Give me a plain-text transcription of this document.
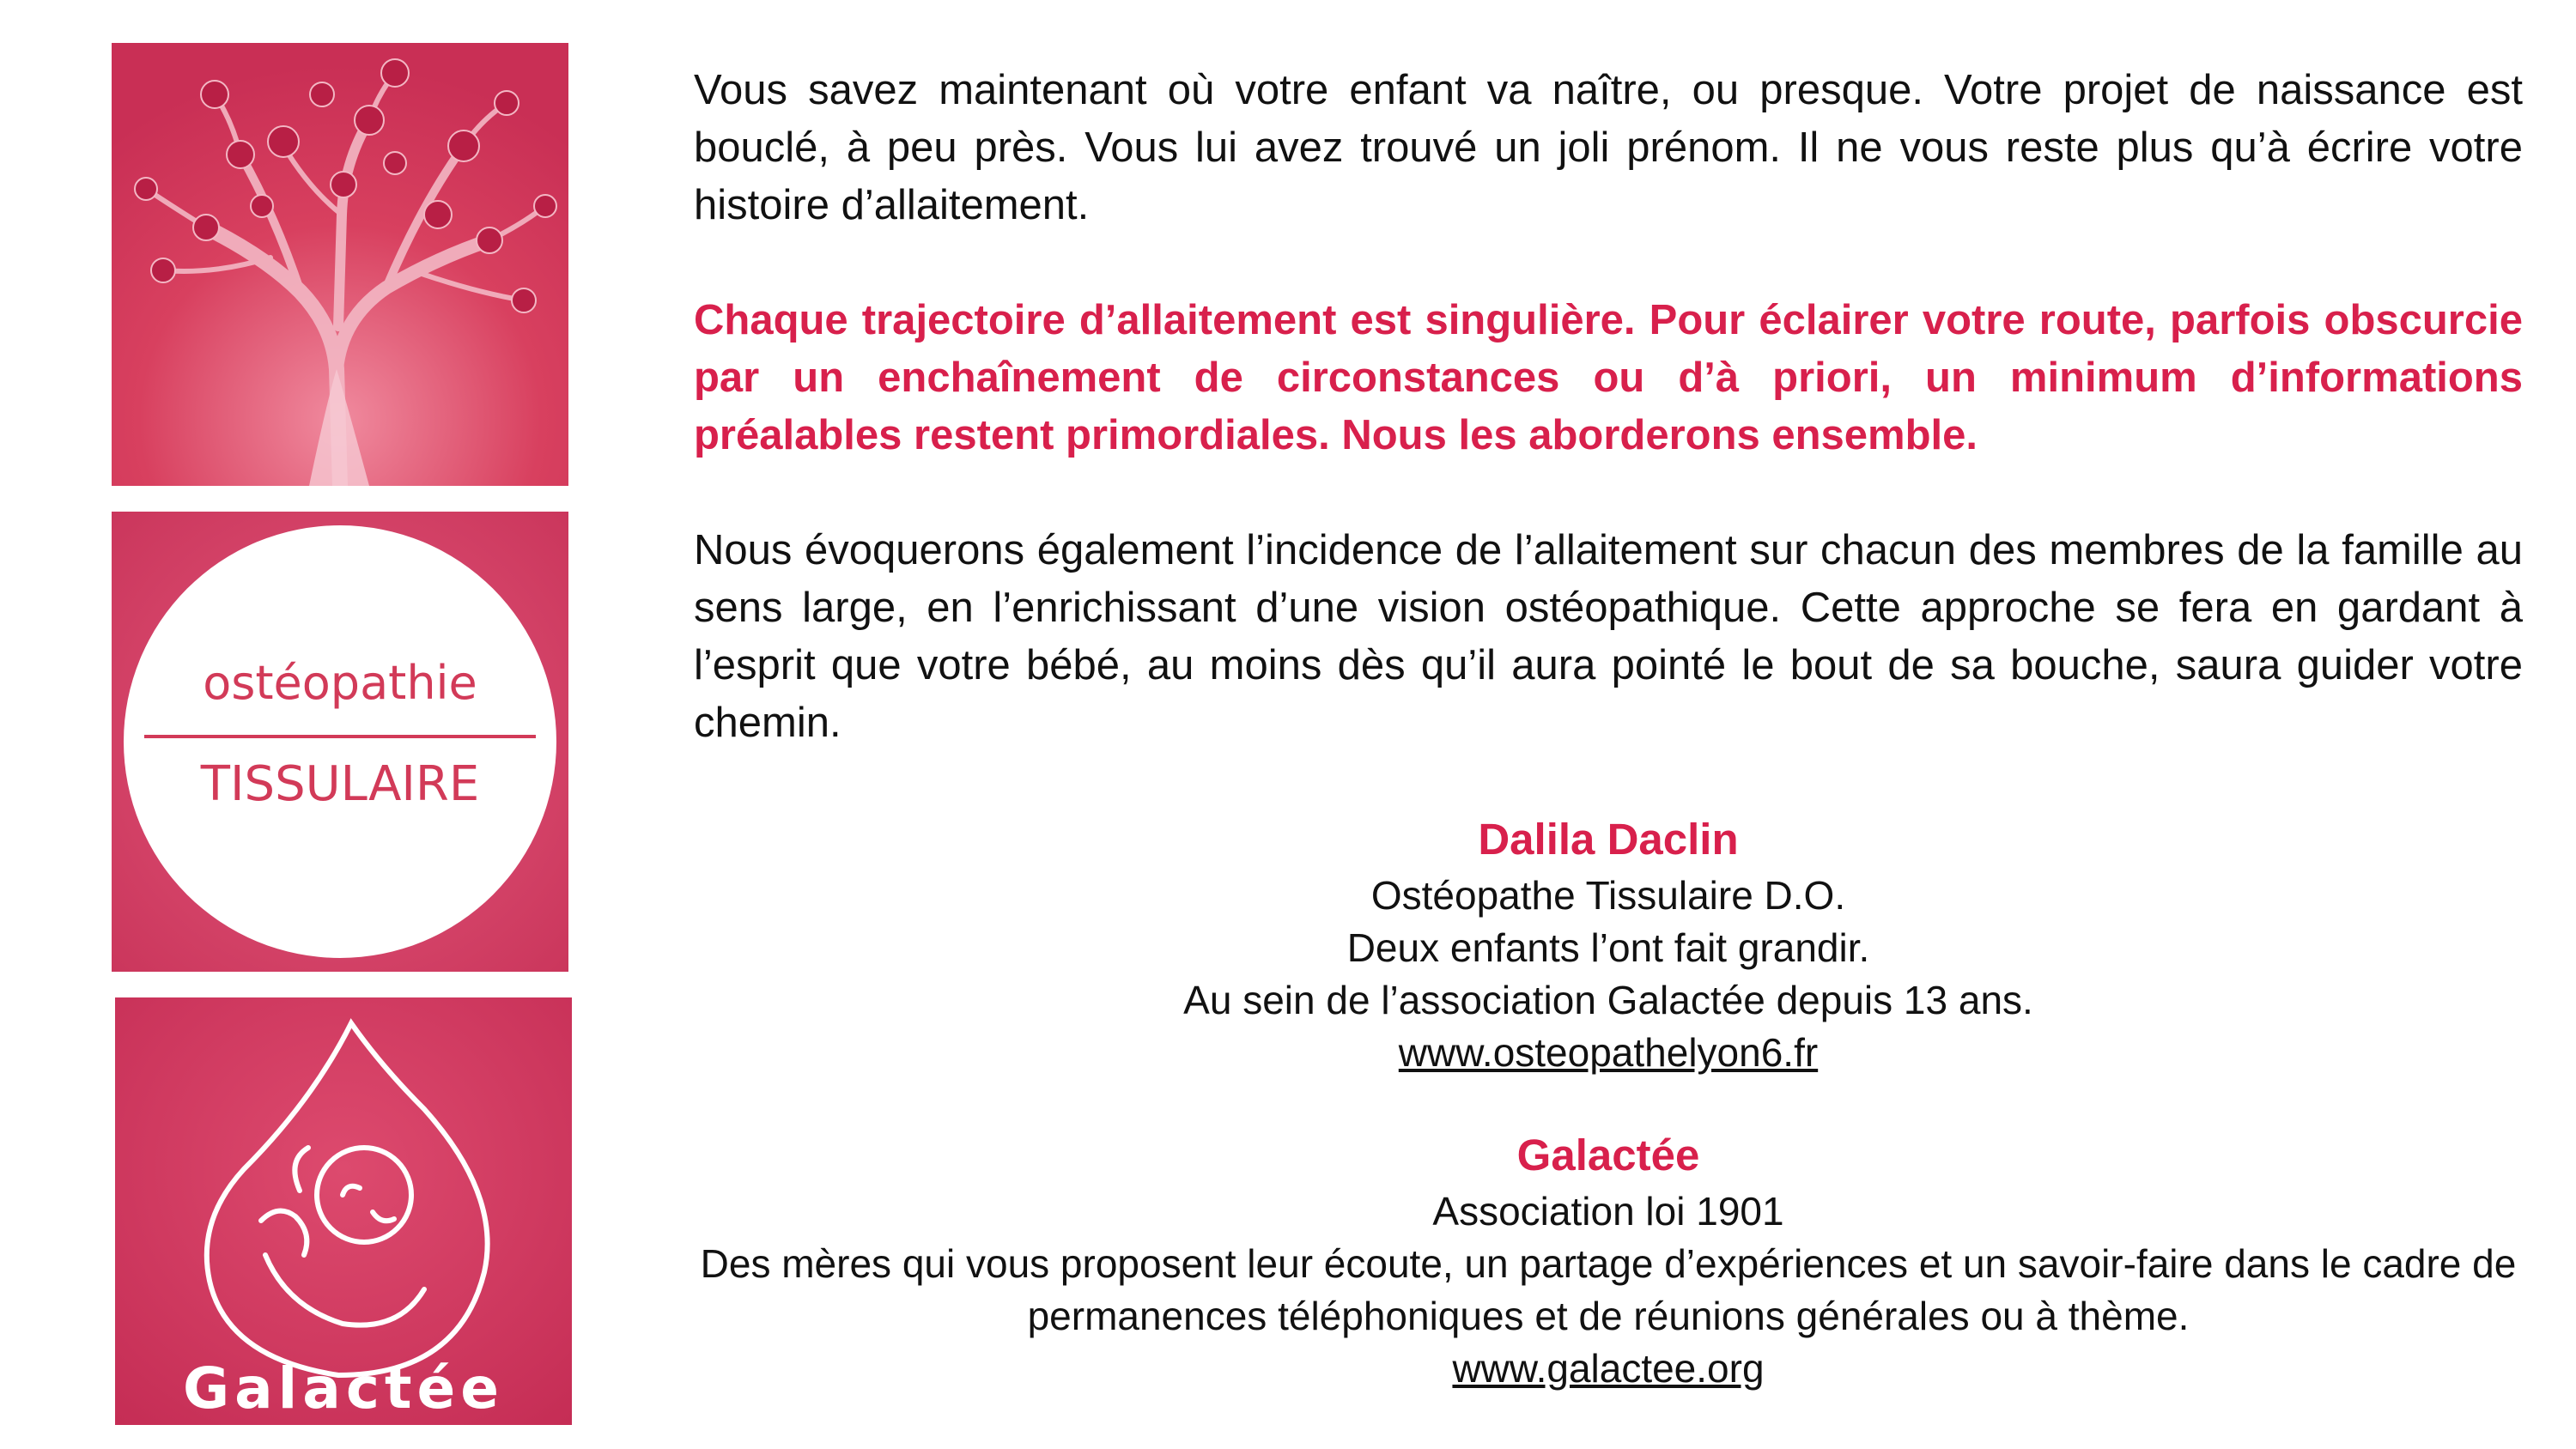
ostéopathie
TISSULAIRE
Galactée

Vous savez maintenant où votre enfant va naître, ou presque. Votre projet de naissance est bouclé, à peu près. Vous lui avez trouvé un joli prénom. Il ne vous reste plus qu’à écrire votre histoire d’allaitement.

Chaque trajectoire d’allaitement est singulière. Pour éclairer votre route, parfois obscurcie par un enchaînement de circonstances ou d’à priori, un minimum d’informations préalables restent primordiales. Nous les aborderons ensemble.

Nous évoquerons également l’incidence de l’allaitement sur chacun des membres de la famille au sens large, en l’enrichissant d’une vision ostéopathique. Cette approche se fera en gardant à l’esprit que votre bébé, au moins dès qu’il aura pointé le bout de sa bouche, saura guider votre chemin.

Dalila Daclin

Ostéopathe Tissulaire D.O.

Deux enfants l’ont fait grandir.

Au sein de l’association Galactée depuis 13 ans.

www.osteopathelyon6.fr

Galactée

Association loi 1901

Des mères qui vous proposent leur écoute, un partage d’expériences et un savoir-faire dans le cadre de permanences téléphoniques et de réunions générales ou à thème.

www.galactee.org
